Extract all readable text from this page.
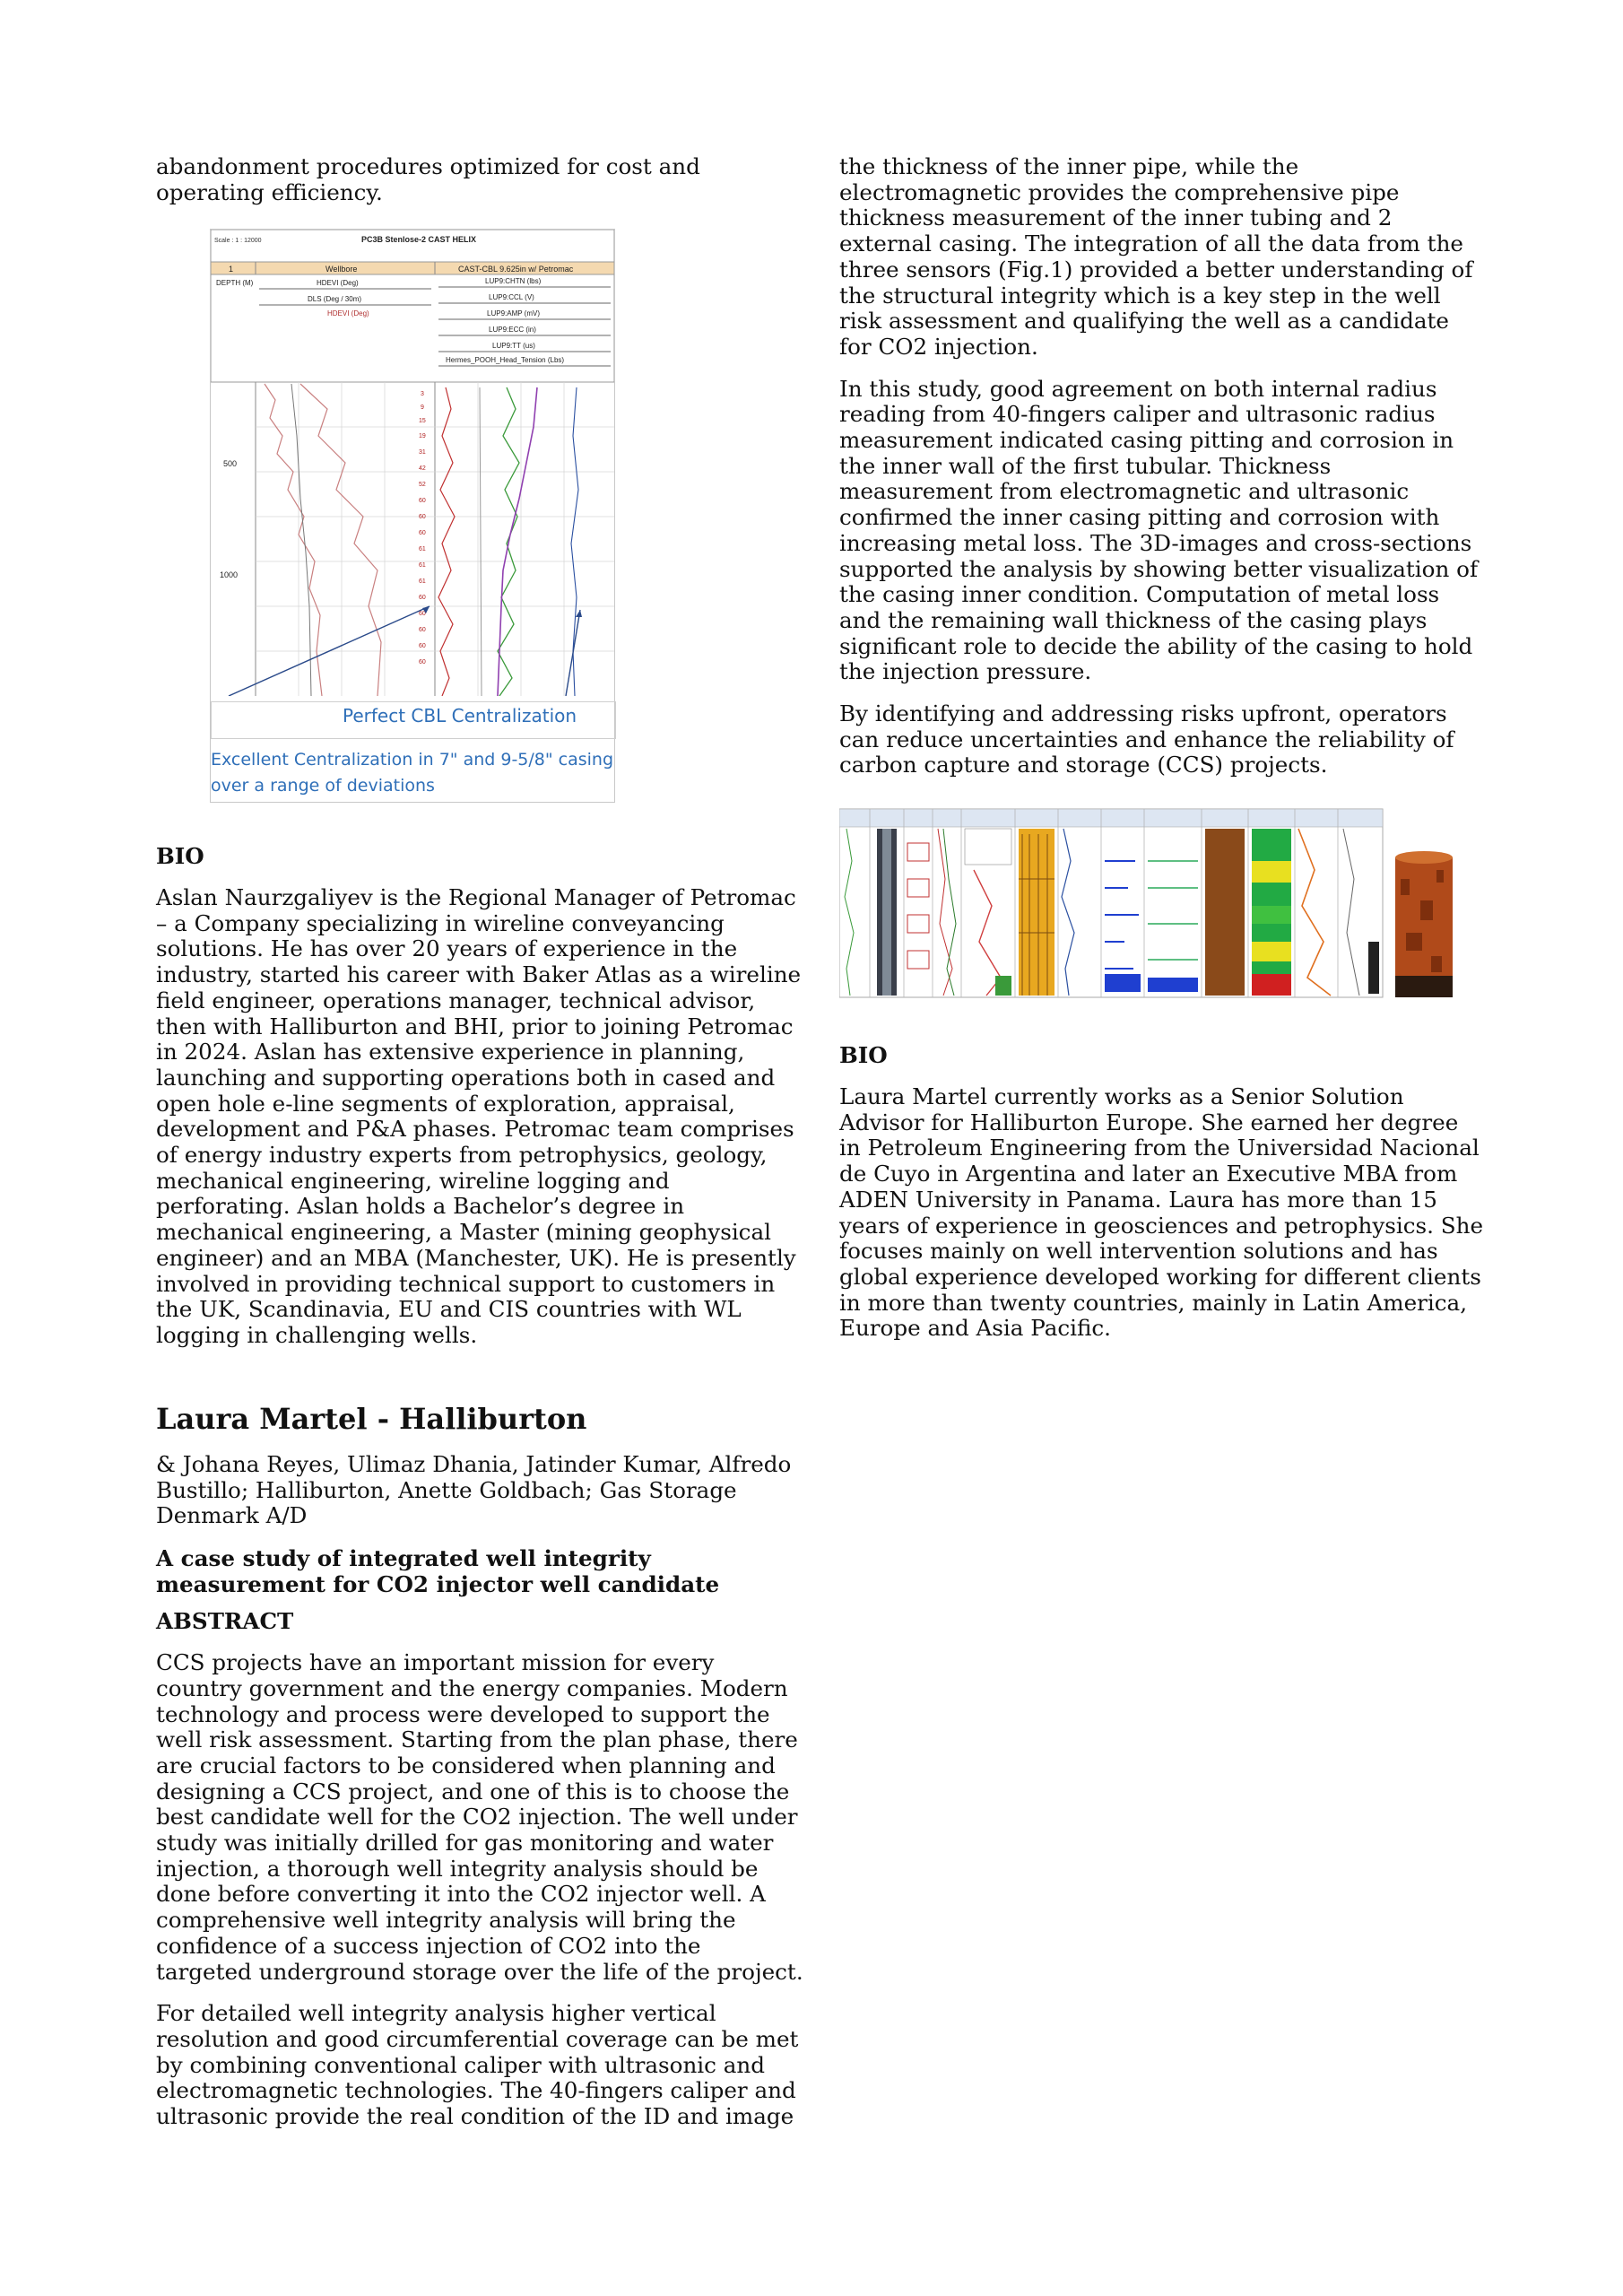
abandonment procedures optimized for cost and operating efficiency.

Scale : 1 : 12000	PC3B Stenlose-2 CAST HELIX
1	Wellbore	CAST-CBL 9.625in w/ Petromac
DEPTH (M)	HDEVI (Deg)
DLS (Deg / 30m)
HDEVI (Deg)
LUP9:CHTN (lbs)
LUP9:CCL (V)
LUP9:AMP (mV)
LUP9:ECC (in)
LUP9:TT (us)
Hermes_POOH_Head_Tension (Lbs)
500
1000
3
9
15
19
31
42
52
60
60
60
61
61
61
60
60
60
60
60
Perfect CBL Centralization
Excellent Centralization in 7" and 9-5/8" casing over a range of deviations
BIO

Aslan Naurzgaliyev is the Regional Manager of Petromac – a Company specializing in wireline conveyancing solutions. He has over 20 years of experience in the industry, started his career with Baker Atlas as a wireline field engineer, operations manager, technical advisor, then with Halliburton and BHI, prior to joining Petromac in 2024. Aslan has extensive experience in planning, launching and supporting operations both in cased and open hole e-line segments of exploration, appraisal, development and P&A phases. Petromac team comprises of energy industry experts from petrophysics, geology, mechanical engineering, wireline logging and perforating. Aslan holds a Bachelor’s degree in mechanical engineering, a Master (mining geophysical engineer) and an MBA (Manchester, UK). He is presently involved in providing technical support to customers in the UK, Scandinavia, EU and CIS countries with WL logging in challenging wells.

Laura Martel - Halliburton

& Johana Reyes, Ulimaz Dhania, Jatinder Kumar, Alfredo Bustillo; Halliburton, Anette Goldbach; Gas Storage Denmark A/D

A case study of integrated well integrity measurement for CO2 injector well candidate
ABSTRACT

CCS projects have an important mission for every country government and the energy companies. Modern technology and process were developed to support the well risk assessment. Starting from the plan phase, there are crucial factors to be considered when planning and designing a CCS project, and one of this is to choose the best candidate well for the CO2 injection. The well under study was initially drilled for gas monitoring and water injection, a thorough well integrity analysis should be done before converting it into the CO2 injector well. A comprehensive well integrity analysis will bring the confidence of a success injection of CO2 into the targeted underground storage over the life of the project.

For detailed well integrity analysis higher vertical resolution and good circumferential coverage can be met by combining conventional caliper with ultrasonic and electromagnetic technologies. The 40-fingers caliper and ultrasonic provide the real condition of the ID and image

the thickness of the inner pipe, while the electromagnetic provides the comprehensive pipe thickness measurement of the inner tubing and 2 external casing. The integration of all the data from the three sensors (Fig.1) provided a better understanding of the structural integrity which is a key step in the well risk assessment and qualifying the well as a candidate for CO2 injection.

In this study, good agreement on both internal radius reading from 40-fingers caliper and ultrasonic radius measurement indicated casing pitting and corrosion in the inner wall of the first tubular. Thickness measurement from electromagnetic and ultrasonic confirmed the inner casing pitting and corrosion with increasing metal loss. The 3D-images and cross-sections supported the analysis by showing better visualization of the casing inner condition. Computation of metal loss and the remaining wall thickness of the casing plays significant role to decide the ability of the casing to hold the injection pressure.

By identifying and addressing risks upfront, operators can reduce uncertainties and enhance the reliability of carbon capture and storage (CCS) projects.

BIO

Laura Martel currently works as a Senior Solution Advisor for Halliburton Europe. She earned her degree in Petroleum Engineering from the Universidad Nacional de Cuyo in Argentina and later an Executive MBA from ADEN University in Panama. Laura has more than 15 years of experience in geosciences and petrophysics. She focuses mainly on well intervention solutions and has global experience developed working for different clients in more than twenty countries, mainly in Latin America, Europe and Asia Pacific.
